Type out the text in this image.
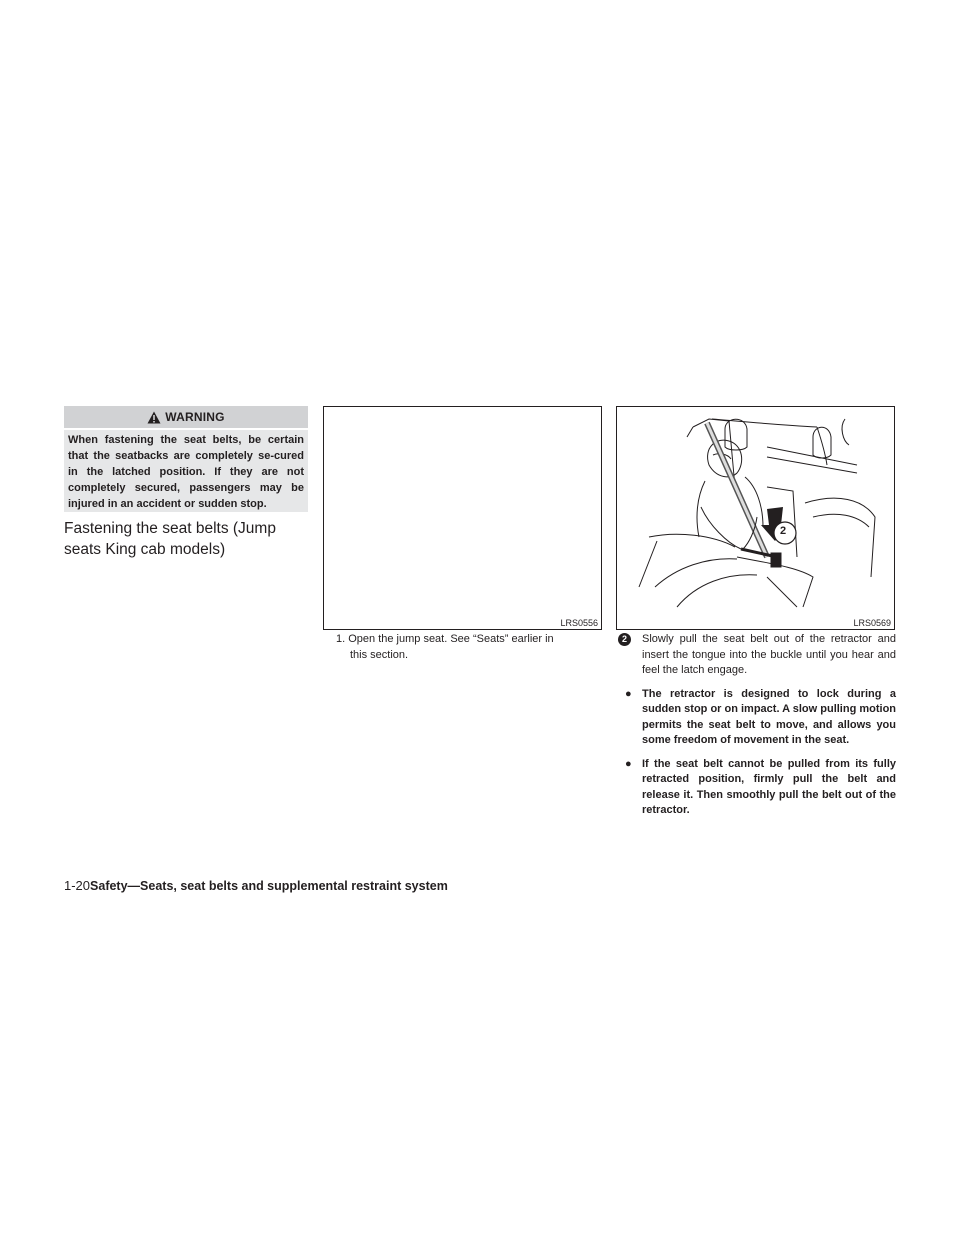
WARNING
When fastening the seat belts, be certain that the seatbacks are completely se-cured in the latched position. If they are not completely secured, passengers may be injured in an accident or sudden stop.
Fastening the seat belts (Jump seats King cab models)
LRS0556
2
LRS0569
1. Open the jump seat. See “Seats” earlier in
this section.
2	Slowly pull the seat belt out of the retractor and insert the tongue into the buckle until you hear and feel the latch engage.
● The retractor is designed to lock during a sudden stop or on impact. A slow pulling motion permits the seat belt to move, and allows you some freedom of movement in the seat.
● If the seat belt cannot be pulled from its fully retracted position, firmly pull the belt and release it. Then smoothly pull the belt out of the retractor.
1-20Safety—Seats, seat belts and supplemental restraint system
